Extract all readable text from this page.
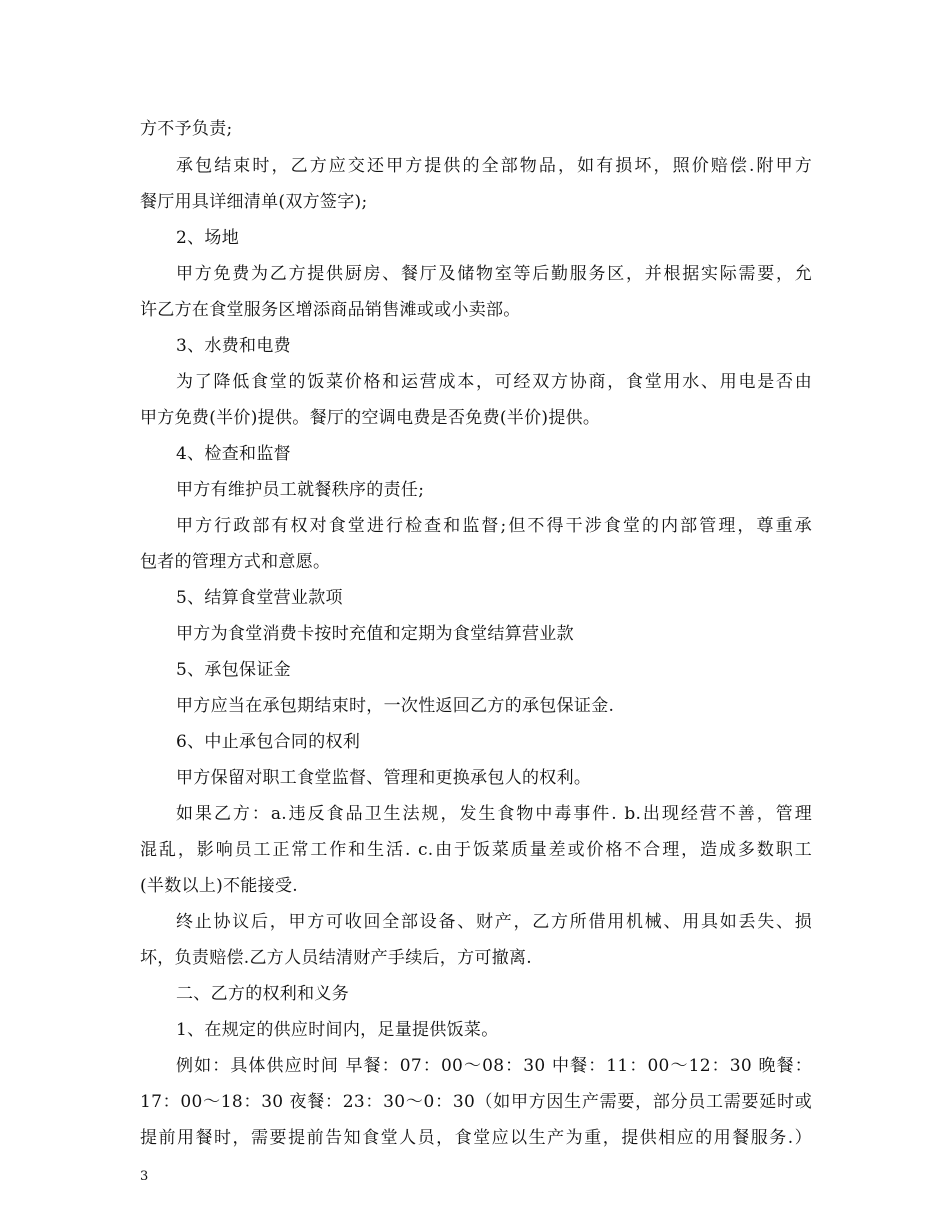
方不予负责;
承包结束时，乙方应交还甲方提供的全部物品，如有损坏，照价赔偿.附甲方
餐厅用具详细清单(双方签字);
2、场地
甲方免费为乙方提供厨房、餐厅及储物室等后勤服务区，并根据实际需要，允
许乙方在食堂服务区增添商品销售滩或或小卖部。
3、水费和电费
为了降低食堂的饭菜价格和运营成本，可经双方协商，食堂用水、用电是否由
甲方免费(半价)提供。餐厅的空调电费是否免费(半价)提供。
4、检查和监督
甲方有维护员工就餐秩序的责任;
甲方行政部有权对食堂进行检查和监督;但不得干涉食堂的内部管理，尊重承
包者的管理方式和意愿。
5、结算食堂营业款项
甲方为食堂消费卡按时充值和定期为食堂结算营业款
5、承包保证金
甲方应当在承包期结束时，一次性返回乙方的承包保证金.
6、中止承包合同的权利
甲方保留对职工食堂监督、管理和更换承包人的权利。
如果乙方：a.违反食品卫生法规，发生食物中毒事件. b.出现经营不善，管理
混乱，影响员工正常工作和生活. c.由于饭菜质量差或价格不合理，造成多数职工
(半数以上)不能接受.
终止协议后，甲方可收回全部设备、财产，乙方所借用机械、用具如丢失、损
坏，负责赔偿.乙方人员结清财产手续后，方可撤离.
二、乙方的权利和义务
1、在规定的供应时间内，足量提供饭菜。
例如：具体供应时间 早餐：07：00～08：30 中餐：11：00～12：30 晚餐：
17：00～18：30 夜餐：23：30～0：30（如甲方因生产需要，部分员工需要延时或
提前用餐时，需要提前告知食堂人员，食堂应以生产为重，提供相应的用餐服务.）
3
